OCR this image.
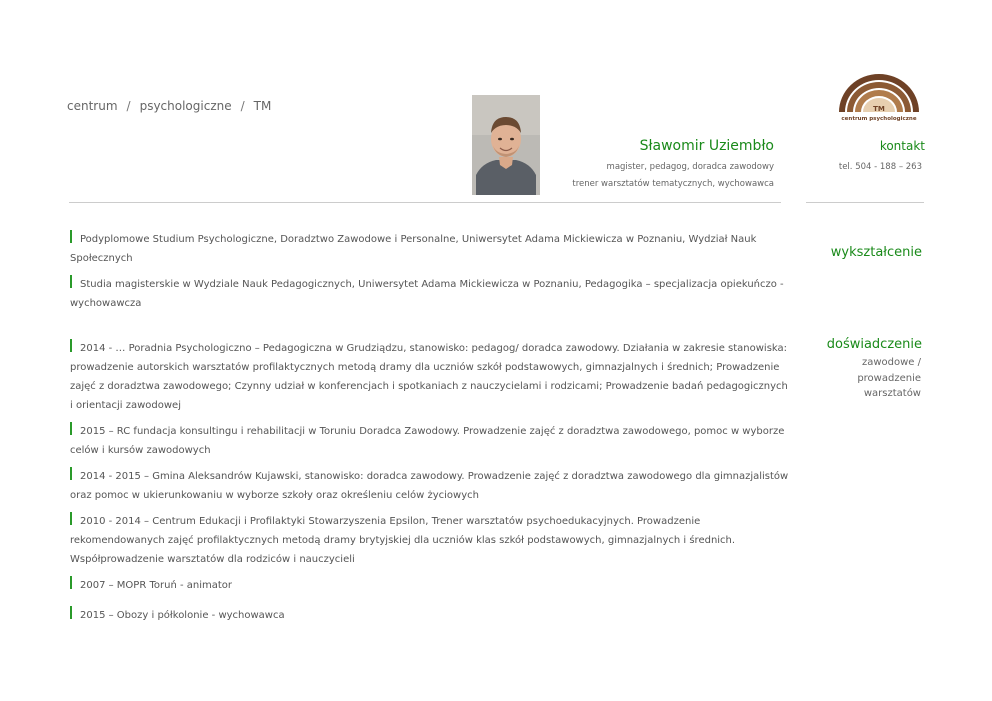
centrum / psychologiczne / TM
Sławomir Uziembło
magister, pedagog, doradca zawodowy
trener warsztatów tematycznych, wychowawca
TM
centrum psychologiczne
kontakt
tel. 504 - 188 – 263
wykształcenie
Podyplomowe Studium Psychologiczne, Doradztwo Zawodowe i Personalne, Uniwersytet Adama Mickiewicza w Poznaniu, Wydział Nauk Społecznych
Studia magisterskie w Wydziale Nauk Pedagogicznych, Uniwersytet Adama Mickiewicza w Poznaniu, Pedagogika – specjalizacja opiekuńczo - wychowawcza
doświadczenie
zawodowe / prowadzenie warsztatów
2014 - … Poradnia Psychologiczno – Pedagogiczna w Grudziądzu, stanowisko: pedagog/ doradca zawodowy. Działania w zakresie stanowiska: prowadzenie autorskich warsztatów profilaktycznych metodą dramy dla uczniów szkół podstawowych, gimnazjalnych i średnich; Prowadzenie zajęć z doradztwa zawodowego; Czynny udział w konferencjach i spotkaniach z nauczycielami i rodzicami; Prowadzenie badań pedagogicznych i orientacji zawodowej
2015 – RC fundacja konsultingu i rehabilitacji w Toruniu Doradca Zawodowy. Prowadzenie zajęć z doradztwa zawodowego, pomoc w wyborze celów i kursów zawodowych
2014 - 2015 – Gmina Aleksandrów Kujawski, stanowisko: doradca zawodowy. Prowadzenie zajęć z doradztwa zawodowego dla gimnazjalistów oraz pomoc w ukierunkowaniu w wyborze szkoły oraz określeniu celów życiowych
2010 - 2014 – Centrum Edukacji i Profilaktyki Stowarzyszenia Epsilon, Trener warsztatów psychoedukacyjnych. Prowadzenie rekomendowanych zajęć profilaktycznych metodą dramy brytyjskiej dla uczniów klas szkół podstawowych, gimnazjalnych i średnich. Współprowadzenie warsztatów dla rodziców i nauczycieli
2007 – MOPR Toruń - animator
2015 – Obozy i półkolonie - wychowawca
